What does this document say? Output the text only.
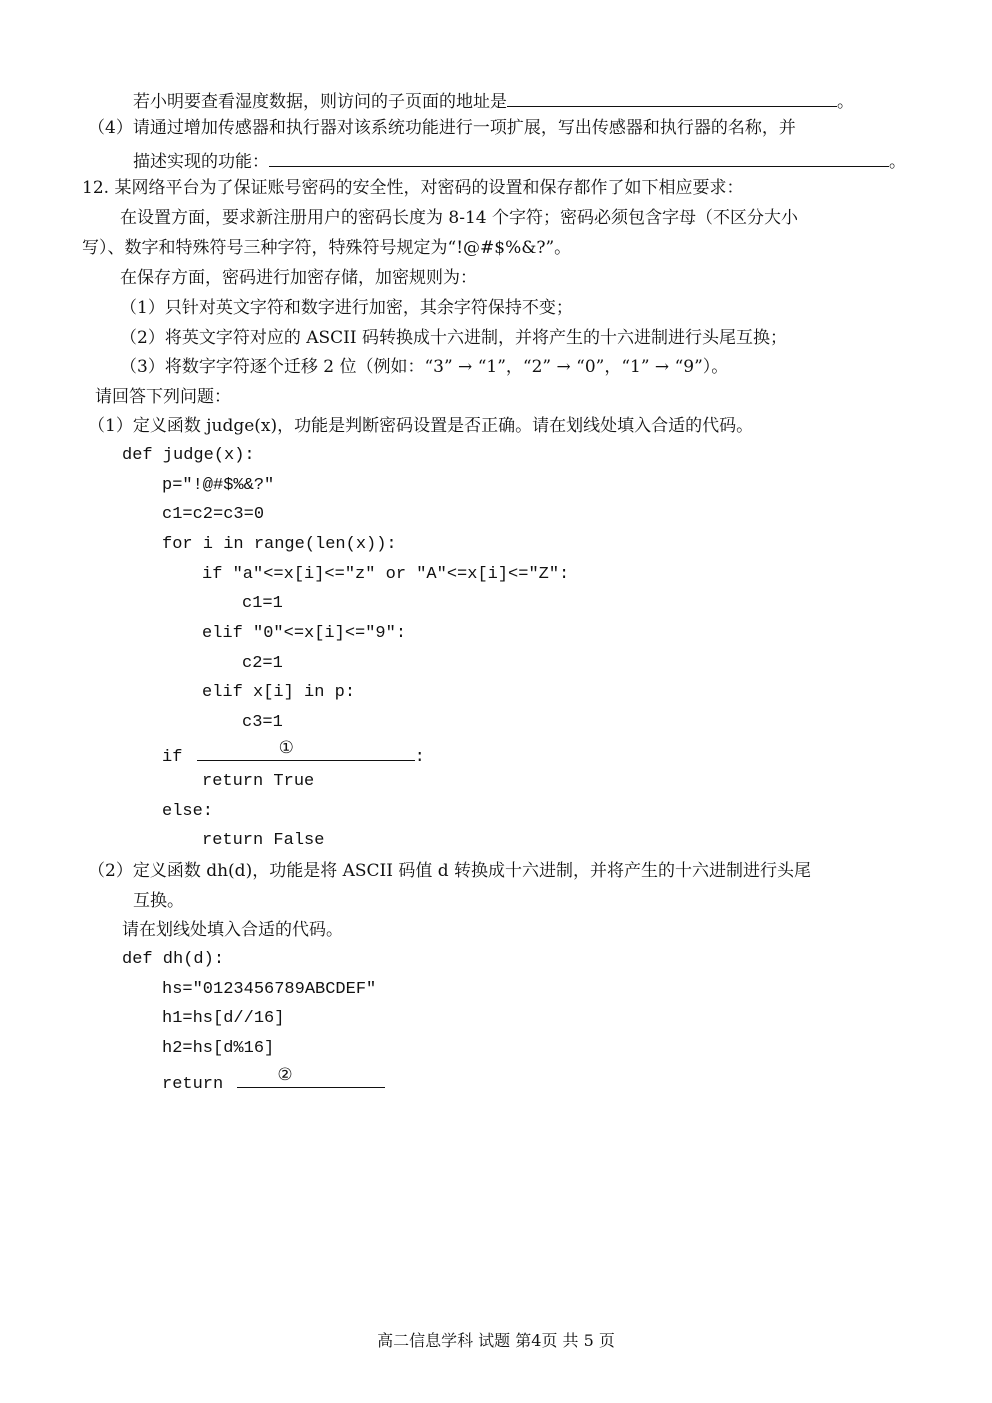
若小明要查看湿度数据，则访问的子页面的地址是	。
（4）请通过增加传感器和执行器对该系统功能进行一项扩展，写出传感器和执行器的名称，并
描述实现的功能：	。
12. 某网络平台为了保证账号密码的安全性，对密码的设置和保存都作了如下相应要求：
在设置方面，要求新注册用户的密码长度为 8-14 个字符；密码必须包含字母（不区分大小
写）、数字和特殊符号三种字符，特殊符号规定为“!@#$%&?”。
在保存方面，密码进行加密存储，加密规则为：
（1）只针对英文字符和数字进行加密，其余字符保持不变；
（2）将英文字符对应的 ASCII 码转换成十六进制，并将产生的十六进制进行头尾互换；
（3）将数字字符逐个迁移 2 位（例如：“3” → “1”，“2” → “0”，“1” → “9”）。
请回答下列问题：
（1）定义函数 judge(x)，功能是判断密码设置是否正确。请在划线处填入合适的代码。
def judge(x):
p="!@#$%&?"
c1=c2=c3=0
for i in range(len(x)):
if "a"<=x[i]<="z" or "A"<=x[i]<="Z":
c1=1
elif "0"<=x[i]<="9":
c2=1
elif x[i] in p:
c3=1
if	①	:
return True
else:
return False
（2）定义函数 dh(d)，功能是将 ASCII 码值 d 转换成十六进制，并将产生的十六进制进行头尾
互换。
请在划线处填入合适的代码。
def dh(d):
hs="0123456789ABCDEF"
h1=hs[d//16]
h2=hs[d%16]
return	②
高二信息学科 试题 第4页 共 5 页
